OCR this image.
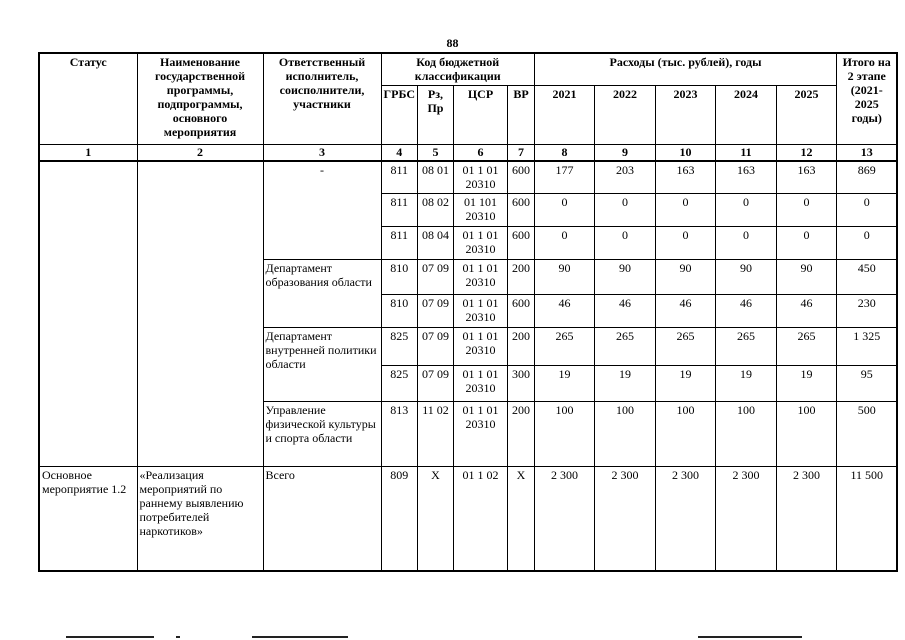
88
Статус	Наименование государственной программы, подпрограммы, основного мероприятия	Ответственный исполнитель, соисполнители, участники	Код бюджетной классификации				Расходы (тыс. рублей), годы					Итого на 2 этапе (2021-2025 годы)
			ГРБС	Рз, Пр	ЦСР	ВР	2021	2022	2023	2024	2025	
1	2	3	4	5	6	7	8	9	10	11	12	13
		-	811	08 01	01 1 01 20310	600	177	203	163	163	163	869
			811	08 02	01 101 20310	600	0	0	0	0	0	0
			811	08 04	01 1 01 20310	600	0	0	0	0	0	0
		Департамент образования области	810	07 09	01 1 01 20310	200	90	90	90	90	90	450
			810	07 09	01 1 01 20310	600	46	46	46	46	46	230
		Департамент внутренней политики области	825	07 09	01 1 01 20310	200	265	265	265	265	265	1 325
			825	07 09	01 1 01 20310	300	19	19	19	19	19	95
		Управление физической культуры и спорта области	813	11 02	01 1 01 20310	200	100	100	100	100	100	500
Основное мероприятие 1.2	«Реализация мероприятий по раннему выявлению потребителей наркотиков»	Всего	809	X	01 1 02	X	2 300	2 300	2 300	2 300	2 300	11 500
